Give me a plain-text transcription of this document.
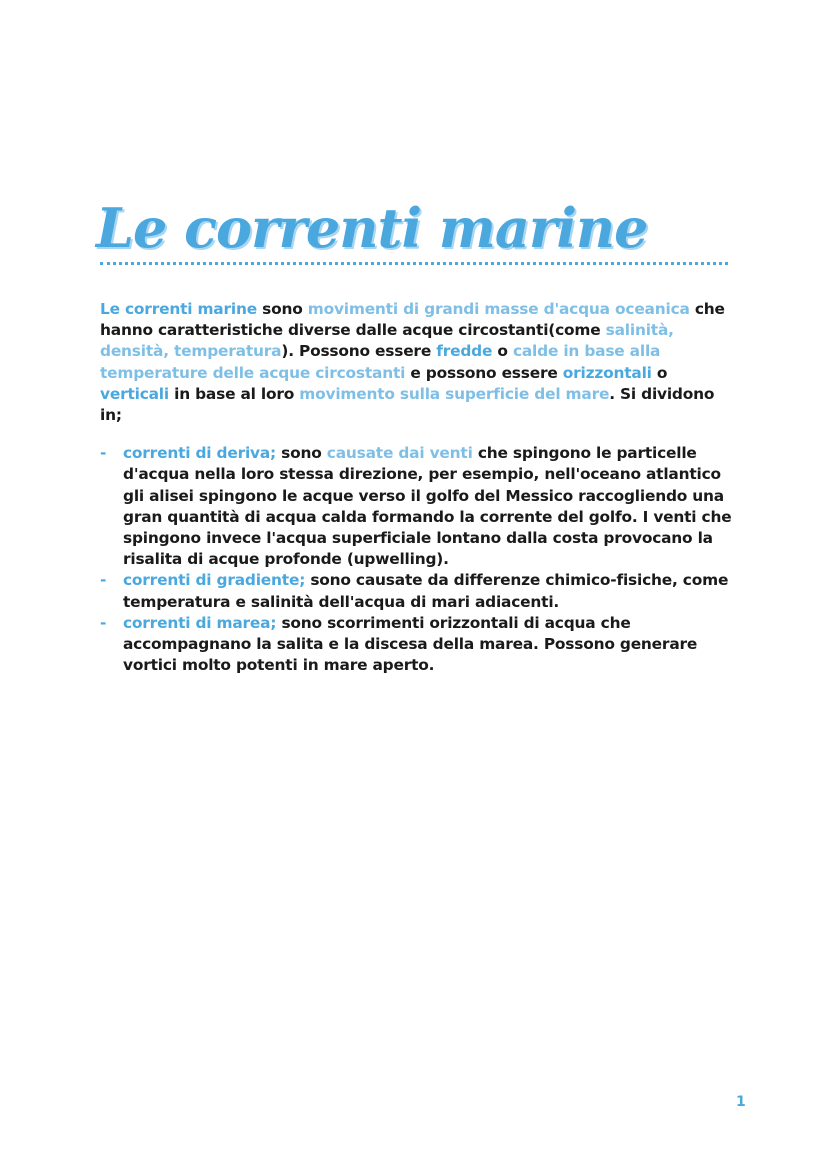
Le correnti marine

Le correnti marine sono movimenti di grandi masse d'acqua oceanica che hanno caratteristiche diverse dalle acque circostanti(come salinità, densità, temperatura). Possono essere fredde o calde in base alla temperature delle acque circostanti e possono essere orizzontali o verticali in base al loro movimento sulla superficie del mare. Si dividono in;

- correnti di deriva; sono causate dai venti che spingono le particelle d'acqua nella loro stessa direzione, per esempio, nell'oceano atlantico gli alisei spingono le acque verso il golfo del Messico raccogliendo una gran quantità di acqua calda formando la corrente del golfo. I venti che spingono invece l'acqua superficiale lontano dalla costa provocano la risalita di acque profonde (upwelling).
- correnti di gradiente; sono causate da differenze chimico-fisiche, come temperatura e salinità dell'acqua di mari adiacenti.
- correnti di marea; sono scorrimenti orizzontali di acqua che accompagnano la salita e la discesa della marea. Possono generare vortici molto potenti in mare aperto.
1
